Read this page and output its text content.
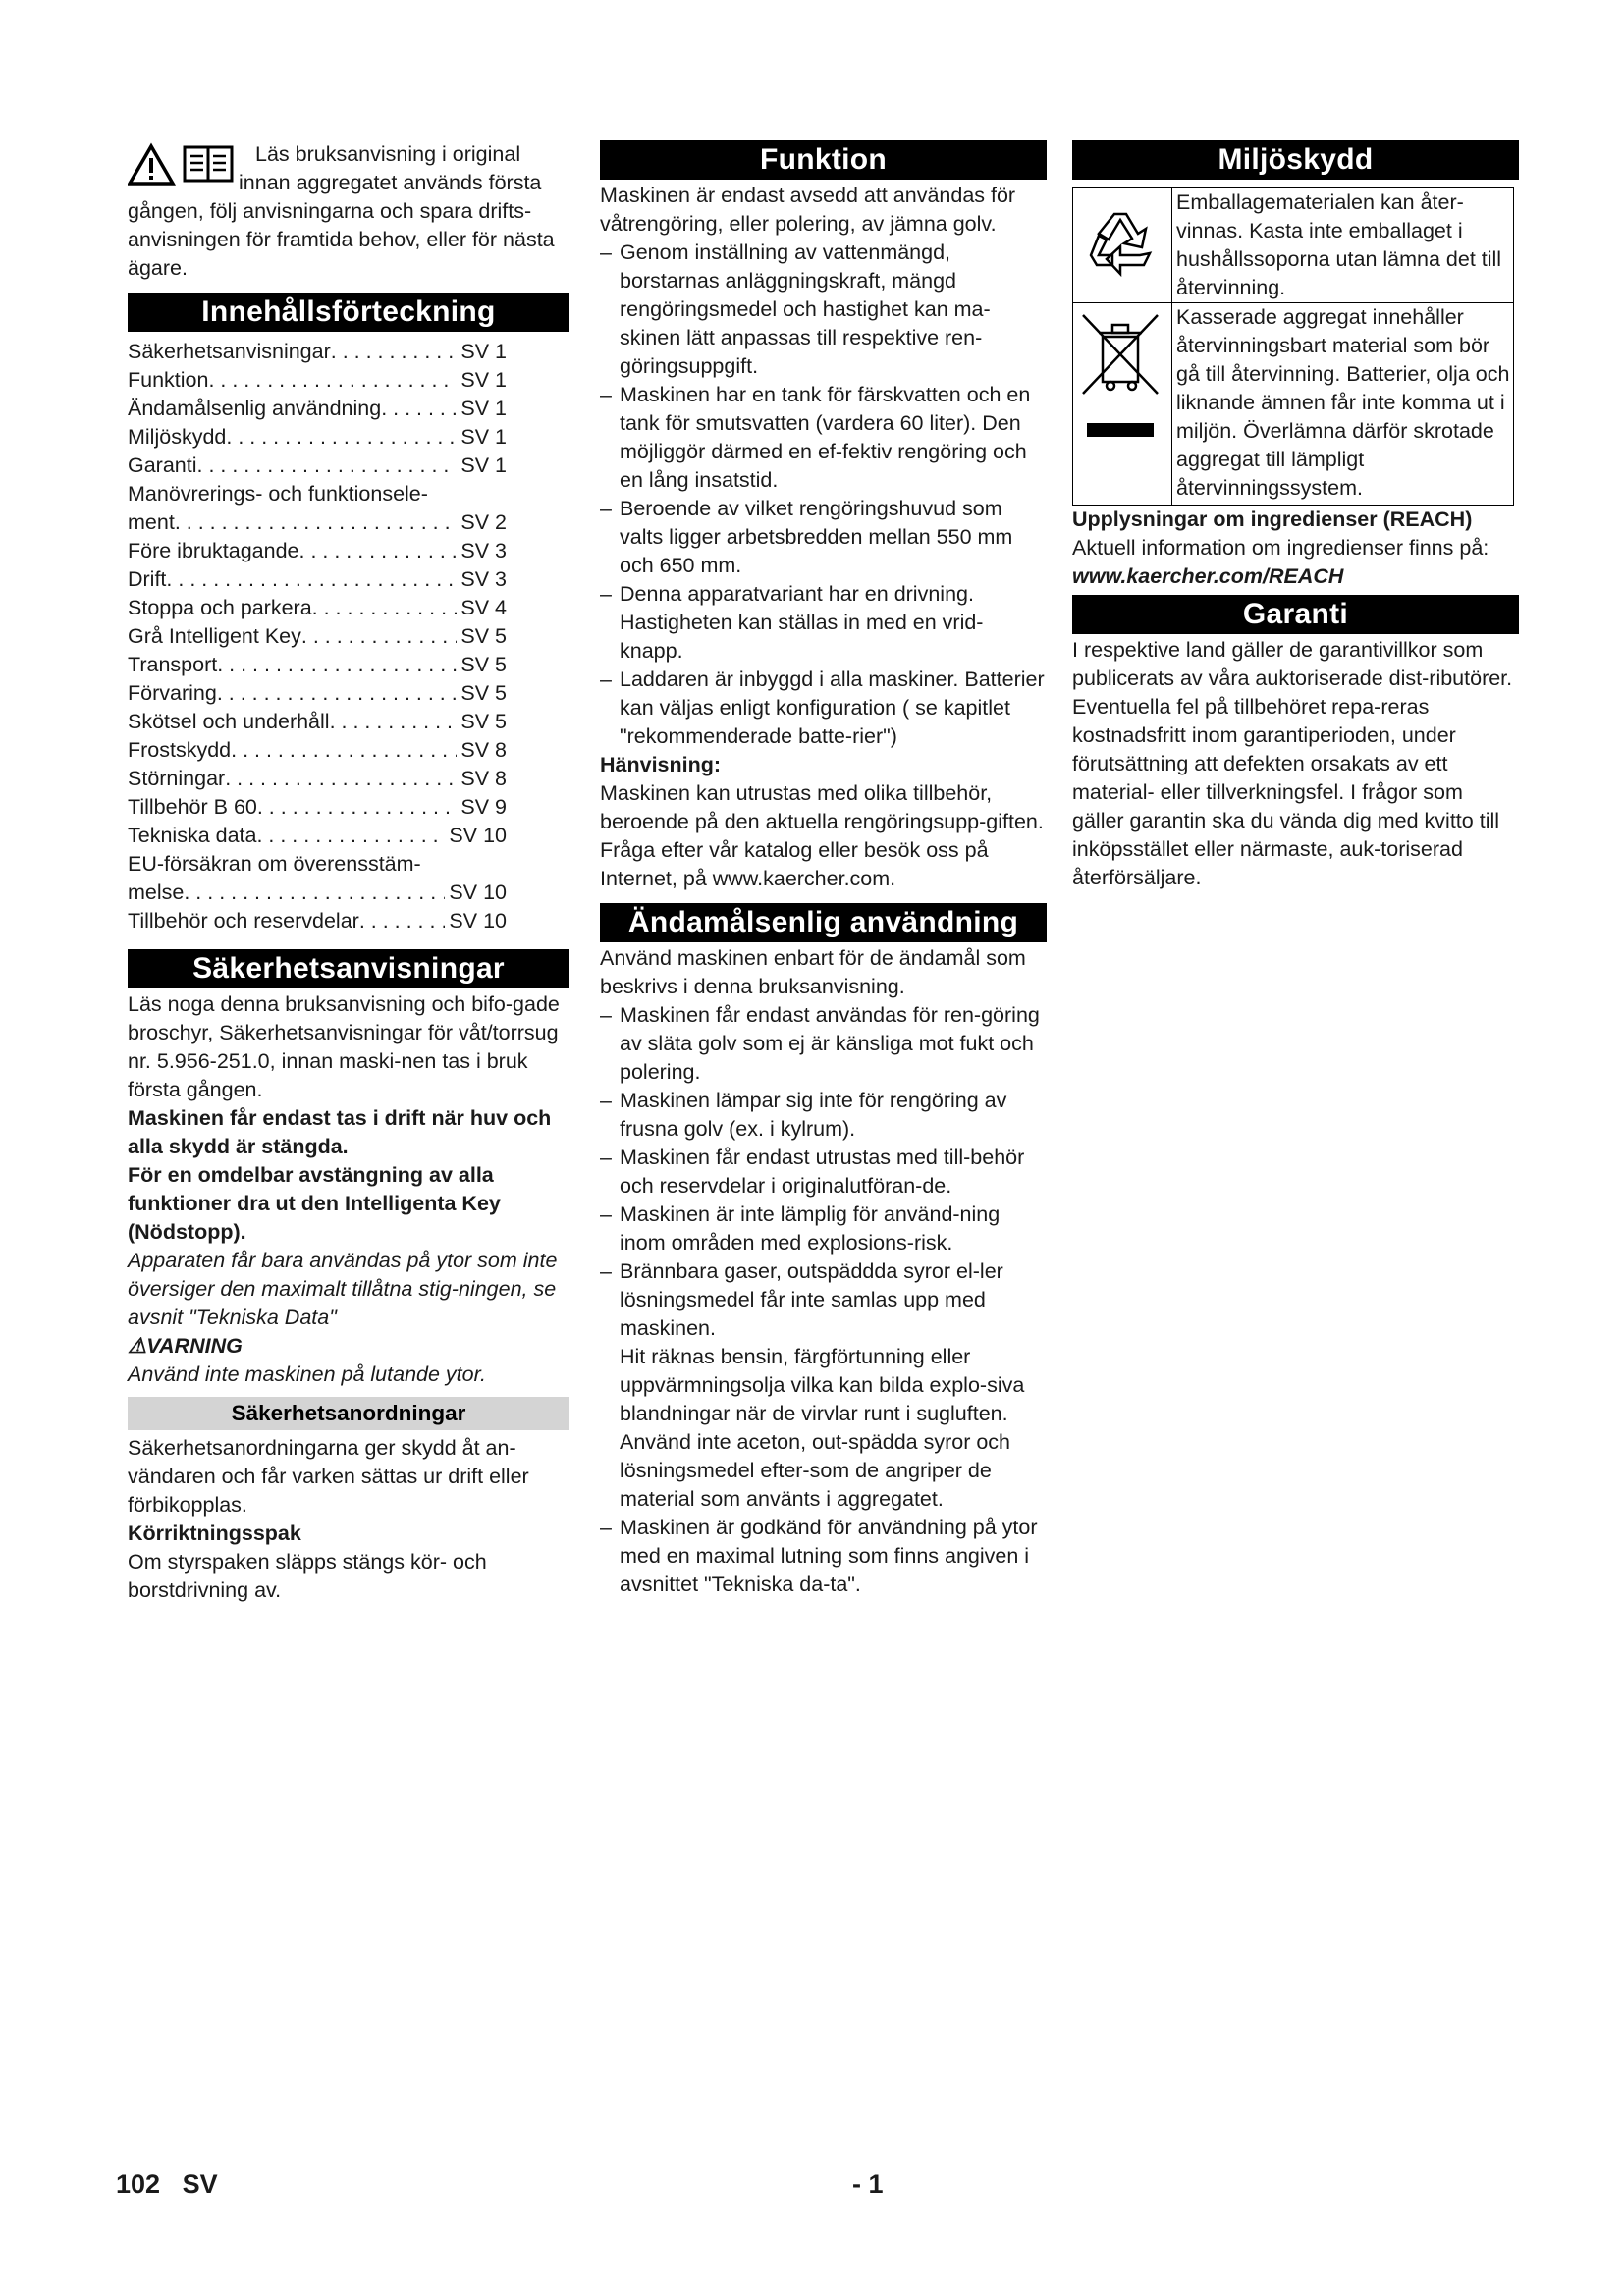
Läs bruksanvisning i original

innan aggregatet används första

gången, följ anvisningarna och spara drifts-anvisningen för framtida behov, eller för nästa ägare.

Innehållsförteckning
Säkerhetsanvisningar . . .	SV 1
Funktion . . .	SV 1
Ändamålsenlig användning . . .	SV 1
Miljöskydd . . .	SV 1
Garanti . . .	SV 1
Manövrerings- och funktionsele-
ment . . .	SV 2
Före ibruktagande . . .	SV 3
Drift . . .	SV 3
Stoppa och parkera . . .	SV 4
Grå Intelligent Key . . .	SV 5
Transport . . .	SV 5
Förvaring . . .	SV 5
Skötsel och underhåll . . .	SV 5
Frostskydd . . .	SV 8
Störningar . . .	SV 8
Tillbehör B 60 . . .	SV 9
Tekniska data . . .	SV 10
EU-försäkran om överensstäm-
melse . . .	SV 10
Tillbehör och reservdelar . . .	SV 10
Säkerhetsanvisningar

Läs noga denna bruksanvisning och bifo-gade broschyr, Säkerhetsanvisningar för våt/torrsug nr. 5.956-251.0, innan maski-nen tas i bruk första gången.

Maskinen får endast tas i drift när huv och alla skydd är stängda.

För en omdelbar avstängning av alla funktioner dra ut den Intelligenta Key (Nödstopp).

Apparaten får bara användas på ytor som inte översiger den maximalt tillåtna stig-ningen, se avsnit "Tekniska Data"

⚠VARNING

Använd inte maskinen på lutande ytor.

Säkerhetsanordningar

Säkerhetsanordningarna ger skydd åt an-vändaren och får varken sättas ur drift eller förbikopplas.

Körriktningsspak

Om styrspaken släpps stängs kör- och borstdrivning av.

Funktion

Maskinen är endast avsedd att användas för våtrengöring, eller polering, av jämna golv.

– Genom inställning av vattenmängd, borstarnas anläggningskraft, mängd rengöringsmedel och hastighet kan ma-skinen lätt anpassas till respektive ren-göringsuppgift.
– Maskinen har en tank för färskvatten och en tank för smutsvatten (vardera 60 liter). Den möjliggör därmed en ef-fektiv rengöring och en lång insatstid.
– Beroende av vilket rengöringshuvud som valts ligger arbetsbredden mellan 550 mm och 650 mm.
– Denna apparatvariant har en drivning. Hastigheten kan ställas in med en vrid-knapp.
– Laddaren är inbyggd i alla maskiner. Batterier kan väljas enligt konfiguration ( se kapitlet "rekommenderade batte-rier")

Hänvisning:

Maskinen kan utrustas med olika tillbehör, beroende på den aktuella rengöringsupp-giften.

Fråga efter vår katalog eller besök oss på Internet, på www.kaercher.com.

Ändamålsenlig användning

Använd maskinen enbart för de ändamål som beskrivs i denna bruksanvisning.

– Maskinen får endast användas för ren-göring av släta golv som ej är känsliga mot fukt och polering.
– Maskinen lämpar sig inte för rengöring av frusna golv (ex. i kylrum).
– Maskinen får endast utrustas med till-behör och reservdelar i originalutföran-de.
– Maskinen är inte lämplig för använd-ning inom områden med explosions-risk.
– Brännbara gaser, outspäddda syror el-ler lösningsmedel får inte samlas upp med maskinen.
Hit räknas bensin, färgförtunning eller uppvärmningsolja vilka kan bilda explo-siva blandningar när de virvlar runt i sugluften. Använd inte aceton, out-spädda syror och lösningsmedel efter-som de angriper de material som använts i aggregatet.
– Maskinen är godkänd för användning på ytor med en maximal lutning som finns angiven i avsnittet "Tekniska da-ta".
Miljöskydd
Emballagematerialen kan åter-vinnas. Kasta inte emballaget i hushållssoporna utan lämna det till återvinning.
Kasserade aggregat innehåller återvinningsbart material som bör gå till återvinning. Batterier, olja och liknande ämnen får inte komma ut i miljön. Överlämna därför skrotade aggregat till lämpligt återvinningssystem.

Upplysningar om ingredienser (REACH)

Aktuell information om ingredienser finns på:

www.kaercher.com/REACH

Garanti

I respektive land gäller de garantivillkor som publicerats av våra auktoriserade dist-ributörer. Eventuella fel på tillbehöret repa-reras kostnadsfritt inom garantiperioden, under förutsättning att defekten orsakats av ett material- eller tillverkningsfel. I frågor som gäller garantin ska du vända dig med kvitto till inköpsstället eller närmaste, auk-toriserad återförsäljare.

102 SV	- 1
